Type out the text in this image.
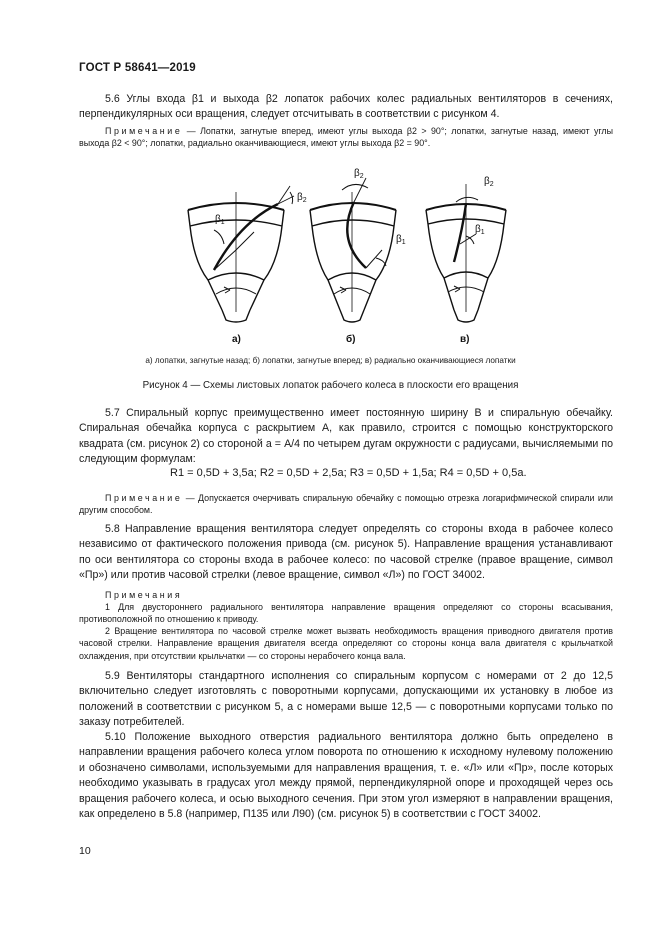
ГОСТ Р 58641—2019
5.6 Углы входа β1 и выхода β2 лопаток рабочих колес радиальных вентиляторов в сечениях, перпендикулярных оси вращения, следует отсчитывать в соответствии с рисунком 4.
Примечание — Лопатки, загнутые вперед, имеют углы выхода β2 > 90°; лопатки, загнутые назад, имеют углы выхода β2 < 90°; лопатки, радиально оканчивающиеся, имеют углы выхода β2 = 90°.
$\beta_1$
$\beta_2$
а)
$\beta_2$
$\beta_1$
б)
$\beta_2$
$\beta_1$
в)
а) лопатки, загнутые назад; б) лопатки, загнутые вперед; в) радиально оканчивающиеся лопатки
Рисунок 4 — Схемы листовых лопаток рабочего колеса в плоскости его вращения
5.7 Спиральный корпус преимущественно имеет постоянную ширину В и спиральную обечайку. Спиральная обечайка корпуса с раскрытием А, как правило, строится с помощью конструкторского квадрата (см. рисунок 2) со стороной а = А/4 по четырем дугам окружности с радиусами, вычисляемыми по следующим формулам:
R1 = 0,5D + 3,5a; R2 = 0,5D + 2,5a; R3 = 0,5D + 1,5a; R4 = 0,5D + 0,5a.
Примечание — Допускается очерчивать спиральную обечайку с помощью отрезка логарифмической спирали или другим способом.
5.8 Направление вращения вентилятора следует определять со стороны входа в рабочее колесо независимо от фактического положения привода (см. рисунок 5). Направление вращения устанавливают по оси вентилятора со стороны входа в рабочее колесо: по часовой стрелке (правое вращение, символ «Пр») или против часовой стрелки (левое вращение, символ «Л») по ГОСТ 34002.
Примечания
1 Для двустороннего радиального вентилятора направление вращения определяют со стороны всасывания, противоположной по отношению к приводу.
2 Вращение вентилятора по часовой стрелке может вызвать необходимость вращения приводного двигателя против часовой стрелки. Направление вращения двигателя всегда определяют со стороны конца вала двигателя с крыльчаткой охлаждения, при отсутствии крыльчатки — со стороны нерабочего конца вала.
5.9 Вентиляторы стандартного исполнения со спиральным корпусом с номерами от 2 до 12,5 включительно следует изготовлять с поворотными корпусами, допускающими их установку в любое из положений в соответствии с рисунком 5, а с номерами выше 12,5 — с поворотными корпусами только по заказу потребителей.
5.10 Положение выходного отверстия радиального вентилятора должно быть определено в направлении вращения рабочего колеса углом поворота по отношению к исходному нулевому положению и обозначено символами, используемыми для направления вращения, т. е. «Л» или «Пр», после которых необходимо указывать в градусах угол между прямой, перпендикулярной опоре и проходящей через ось вращения рабочего колеса, и осью выходного сечения. При этом угол измеряют в направлении вращения, как определено в 5.8 (например, П135 или Л90) (см. рисунок 5) в соответствии с ГОСТ 34002.
10
